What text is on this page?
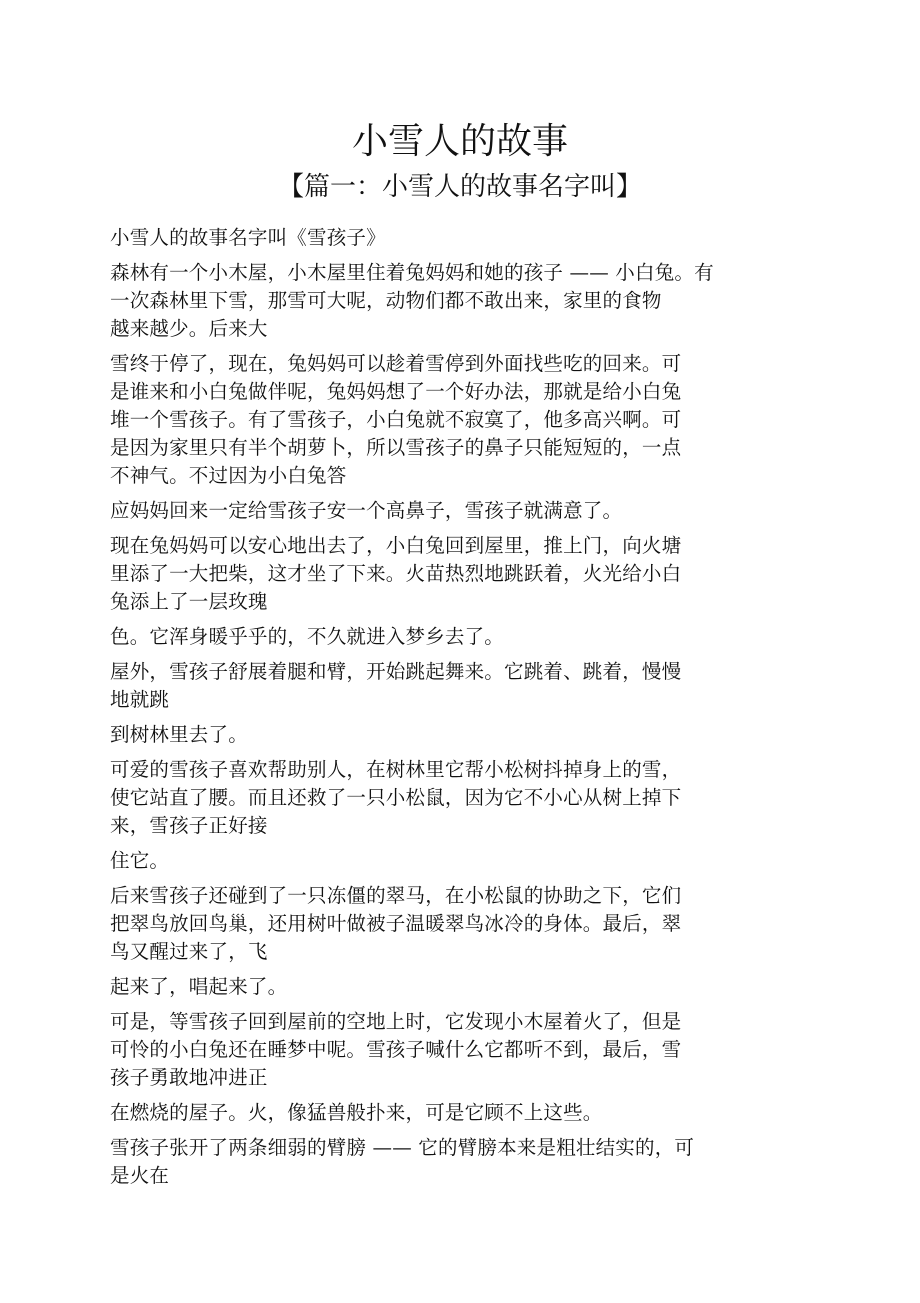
小雪人的故事
【篇一：小雪人的故事名字叫】
小雪人的故事名字叫《雪孩子》
森林有一个小木屋，小木屋里住着兔妈妈和她的孩子 —— 小白兔。有
一次森林里下雪，那雪可大呢，动物们都不敢出来，家里的食物
越来越少。后来大
雪终于停了，现在，兔妈妈可以趁着雪停到外面找些吃的回来。可
是谁来和小白兔做伴呢，兔妈妈想了一个好办法，那就是给小白兔
堆一个雪孩子。有了雪孩子，小白兔就不寂寞了，他多高兴啊。可
是因为家里只有半个胡萝卜，所以雪孩子的鼻子只能短短的，一点
不神气。不过因为小白兔答
应妈妈回来一定给雪孩子安一个高鼻子，雪孩子就满意了。
现在兔妈妈可以安心地出去了，小白兔回到屋里，推上门，向火塘
里添了一大把柴，这才坐了下来。火苗热烈地跳跃着，火光给小白
兔添上了一层玫瑰
色。它浑身暖乎乎的，不久就进入梦乡去了。
屋外，雪孩子舒展着腿和臂，开始跳起舞来。它跳着、跳着，慢慢
地就跳
到树林里去了。
可爱的雪孩子喜欢帮助别人，在树林里它帮小松树抖掉身上的雪，
使它站直了腰。而且还救了一只小松鼠，因为它不小心从树上掉下
来，雪孩子正好接
住它。
后来雪孩子还碰到了一只冻僵的翠马，在小松鼠的协助之下，它们
把翠鸟放回鸟巢，还用树叶做被子温暖翠鸟冰冷的身体。最后，翠
鸟又醒过来了，飞
起来了，唱起来了。
可是，等雪孩子回到屋前的空地上时，它发现小木屋着火了，但是
可怜的小白兔还在睡梦中呢。雪孩子喊什么它都听不到，最后，雪
孩子勇敢地冲进正
在燃烧的屋子。火，像猛兽般扑来，可是它顾不上这些。
雪孩子张开了两条细弱的臂膀 —— 它的臂膀本来是粗壮结实的，可
是火在
